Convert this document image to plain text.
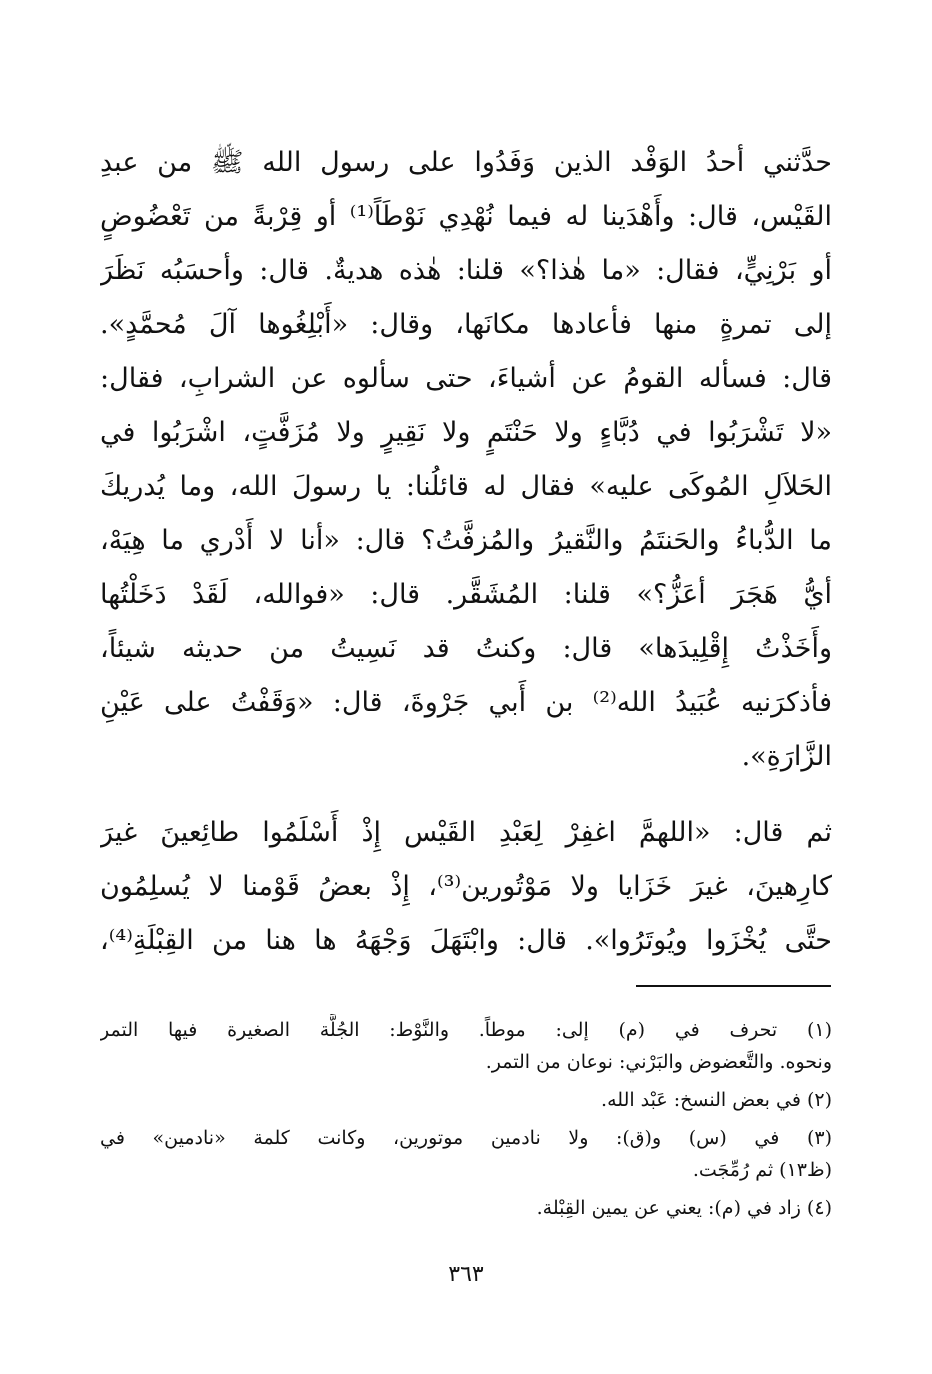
حدَّثني أحدُ الوَفْد الذين وَفَدُوا على رسول الله ﷺ من عبدِ
القَيْس، قال: وأَهْدَينا له فيما نُهْدِي نَوْطَاً⁽¹⁾ أو قِرْبةً من تَعْضُوضٍ
أو بَرْنِيٍّ، فقال: «ما هٰذا؟» قلنا: هٰذه هديةٌ. قال: وأحسَبُه نَظَرَ
إلى تمرةٍ منها فأعادها مكانَها، وقال: «أَبْلِغُوها آلَ مُحمَّدٍ».
قال: فسأله القومُ عن أشياءَ، حتى سألوه عن الشرابِ، فقال:
«لا تَشْرَبُوا في دُبَّاءٍ ولا حَنْتَمٍ ولا نَقِيرٍ ولا مُزَفَّتٍ، اشْرَبُوا في
الحَلاَلِ المُوكَى عليه» فقال له قائلُنا: يا رسولَ الله، وما يُدريكَ
ما الدُّباءُ والحَنتَمُ والنَّقيرُ والمُزفَّتُ؟ قال: «أنا لا أَدْري ما هِيَهْ،
أيُّ هَجَرَ أعَزُّ؟» قلنا: المُشَقَّر. قال: «فوالله، لَقَدْ دَخَلْتُها
وأَخَذْتُ إِقْلِيدَها» قال: وكنتُ قد نَسِيتُ من حديثه شيئاً،
فأذكرَنيه عُبَيدُ الله⁽²⁾ بن أَبي جَرْوةَ، قال: «وَقَفْتُ على عَيْنِ
الزَّارَةِ».

ثم قال: «اللهمَّ اغفِرْ لِعَبْدِ القَيْس إِذْ أَسْلَمُوا طائِعينَ غيرَ
كارِهينَ، غيرَ خَزَايا ولا مَوْتُورين⁽³⁾، إِذْ بعضُ قَوْمنا لا يُسلِمُون
حتَّى يُخْزَوا ويُوتَرُوا». قال: وابْتَهَلَ وَجْهَهُ ها هنا من القِبْلَةِ⁽⁴⁾،

(١) تحرف في (م) إلى: موطاً. والنَّوْط: الجُلَّة الصغيرة فيها التمر
ونحوه. والتَّعضوض والبَرْني: نوعان من التمر.
(٢) في بعض النسخ: عَبْد الله.
(٣) في (س) و(ق): ولا نادمين موتورين، وكانت كلمة «نادمين» في
(ظ١٣) ثم رُمِّجَت.
(٤) زاد في (م): يعني عن يمين القِبْلة.
٣٦٣
